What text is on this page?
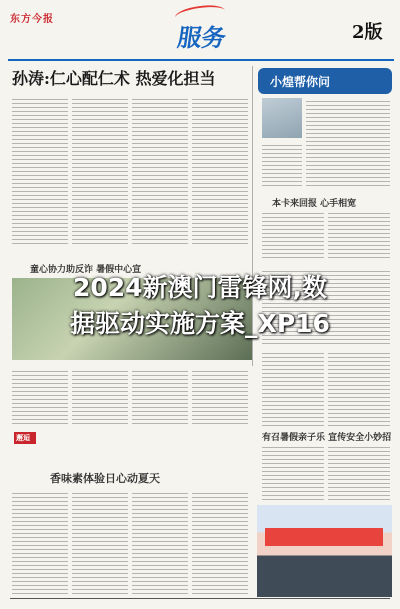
东方今报
服务	2版
孙涛:仁心配仁术 热爱化担当	小煌帮你问
本卡来回报 心手相宽
童心协力助反诈 暑假中心宣
有召暑假亲子乐 宣传安全小妙招
邂逅
香味素体验日心动夏天
2024新澳门雷锋网,数
据驱动实施方案_XP16
